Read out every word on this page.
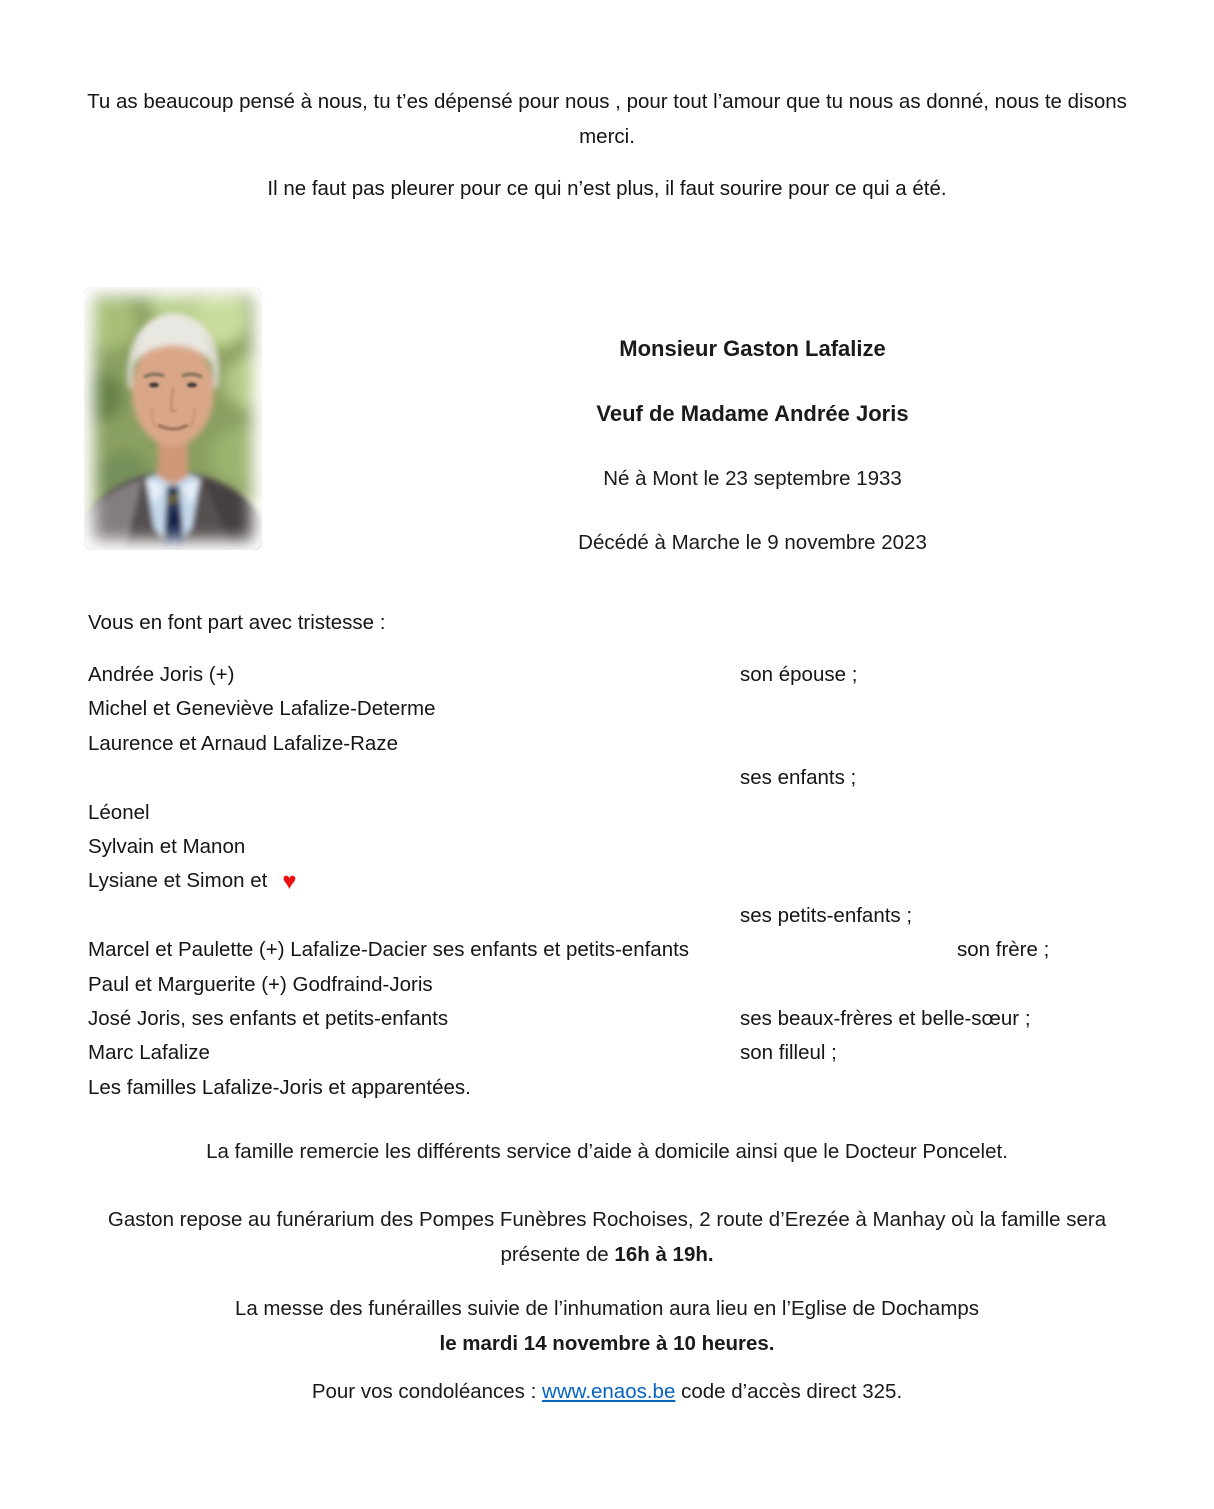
Tu as beaucoup pensé à nous, tu t’es dépensé pour nous , pour tout l’amour que tu nous as donné, nous te disons merci.
Il ne faut pas pleurer pour ce qui n’est plus, il faut sourire pour ce qui a été.
Monsieur Gaston Lafalize
Veuf de Madame Andrée Joris
Né à Mont le 23 septembre 1933
Décédé à Marche le 9 novembre 2023
Vous en font part avec tristesse :
Andrée Joris (+)	son épouse ;
Michel et Geneviève Lafalize-Determe
Laurence et Arnaud Lafalize-Raze
ses enfants ;
Léonel
Sylvain et Manon
Lysiane et Simon et ♥
ses petits-enfants ;
Marcel et Paulette (+) Lafalize-Dacier ses enfants et petits-enfants	son frère ;
Paul et Marguerite (+) Godfraind-Joris
José Joris, ses enfants et petits-enfants	ses beaux-frères et belle-sœur ;
Marc Lafalize	son filleul ;
Les familles Lafalize-Joris et apparentées.
La famille remercie les différents service d’aide à domicile ainsi que le Docteur Poncelet.
Gaston repose au funérarium des Pompes Funèbres Rochoises, 2 route d’Erezée à Manhay où la famille sera présente de 16h à 19h.
La messe des funérailles suivie de l’inhumation aura lieu en l’Eglise de Dochamps
le mardi 14 novembre à 10 heures.
Pour vos condoléances : www.enaos.be code d’accès direct 325.
